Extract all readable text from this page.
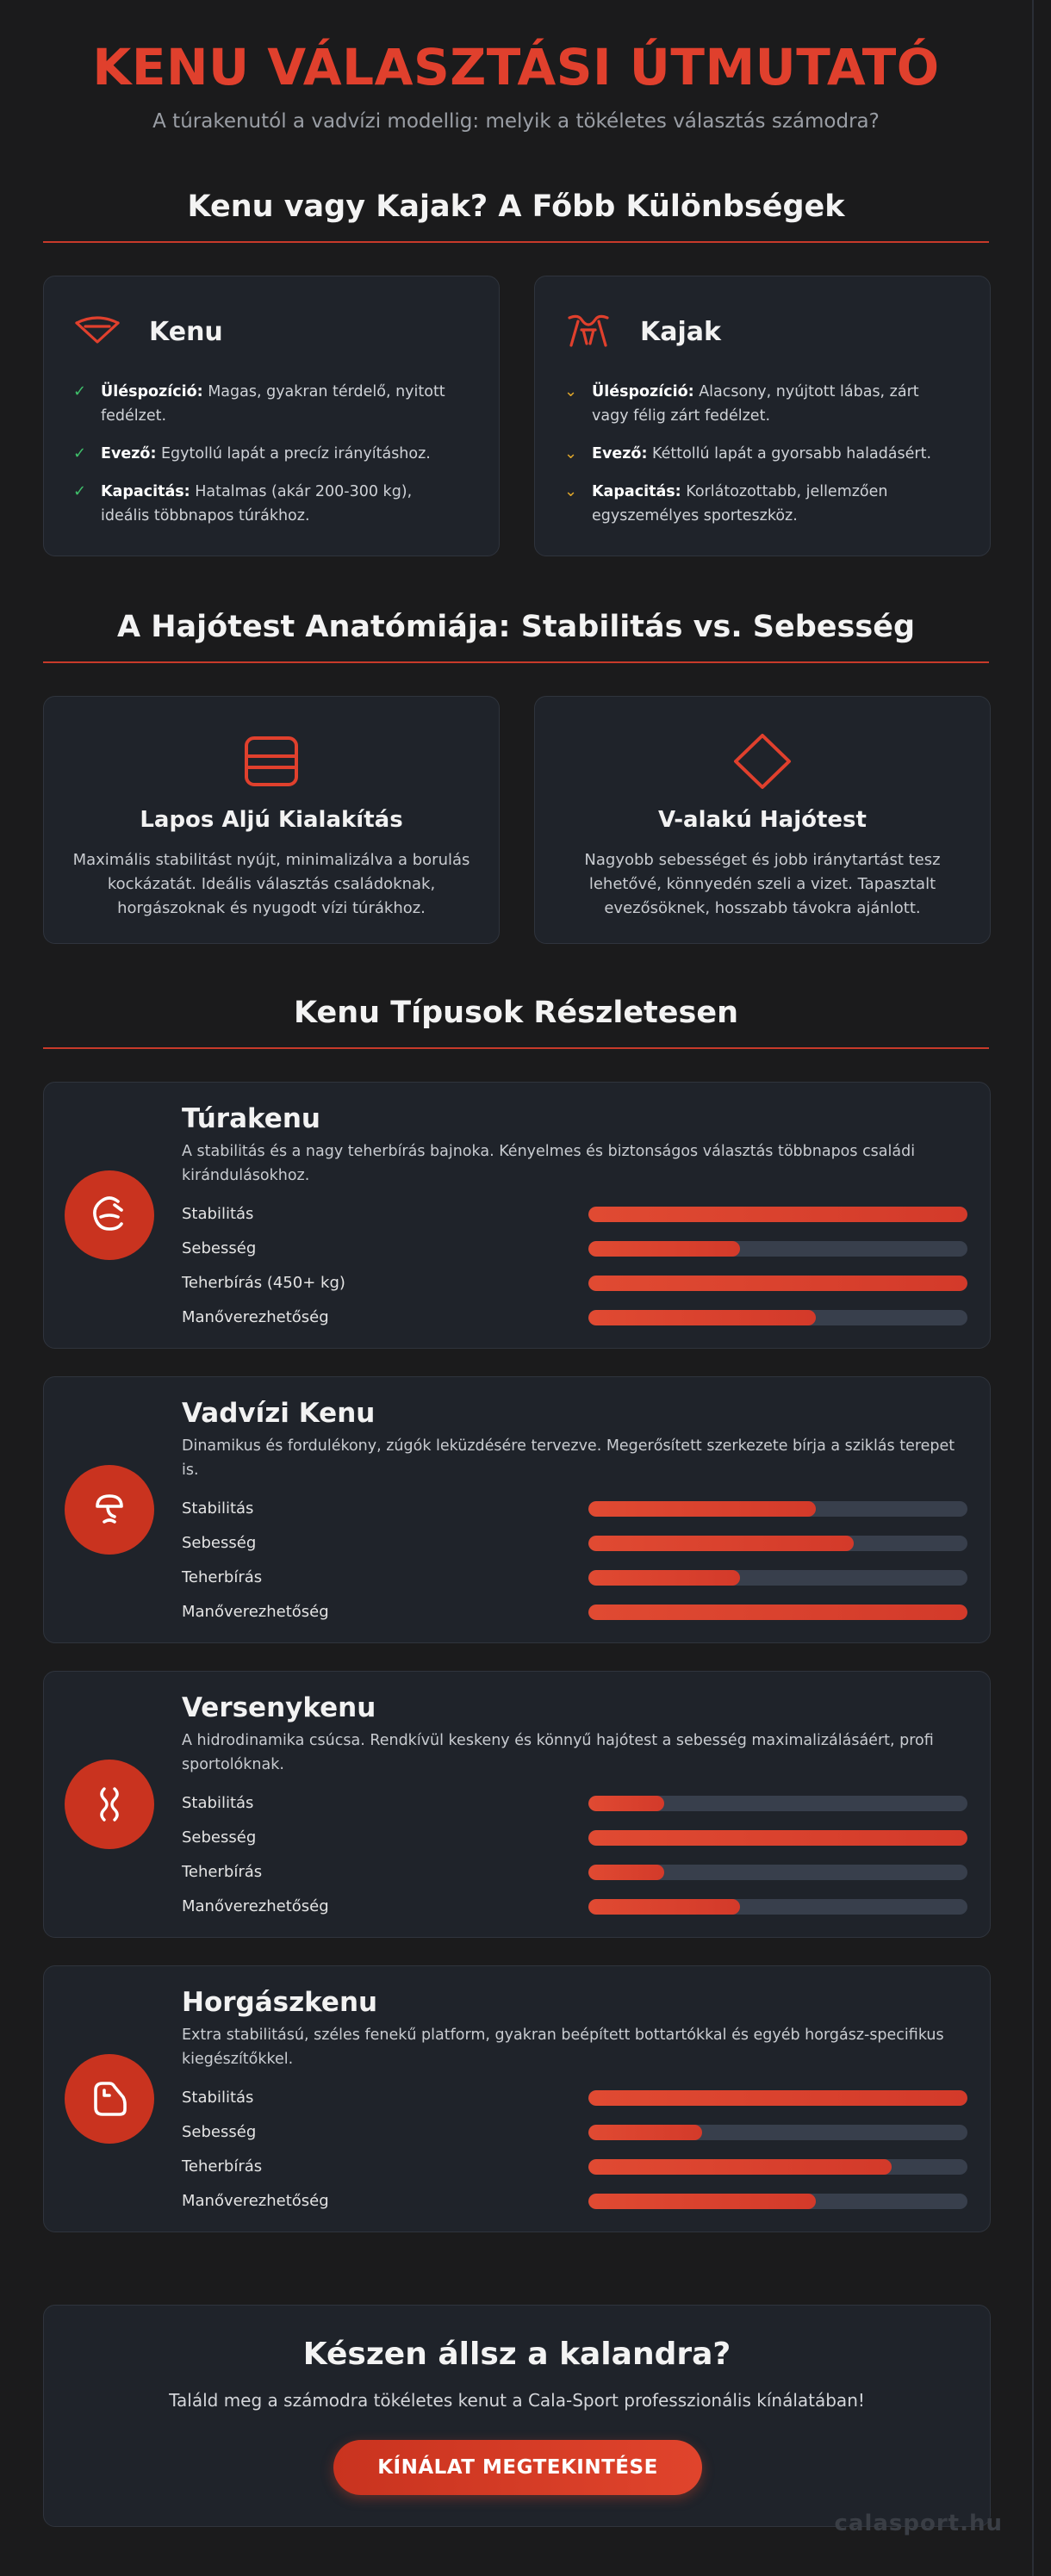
KENU VÁLASZTÁSI ÚTMUTATÓ
A túrakenutól a vadvízi modellig: melyik a tökéletes választás számodra?
Kenu vagy Kajak? A Főbb Különbségek
Kenu
✓ Üléspozíció: Magas, gyakran térdelő, nyitott fedélzet.
✓ Evező: Egytollú lapát a precíz irányításhoz.
✓ Kapacitás: Hatalmas (akár 200-300 kg), ideális többnapos túrákhoz.
Kajak
⌄ Üléspozíció: Alacsony, nyújtott lábas, zárt vagy félig zárt fedélzet.
⌄ Evező: Kéttollú lapát a gyorsabb haladásért.
⌄ Kapacitás: Korlátozottabb, jellemzően egyszemélyes sporteszköz.
A Hajótest Anatómiája: Stabilitás vs. Sebesség
Lapos Aljú Kialakítás
Maximális stabilitást nyújt, minimalizálva a borulás kockázatát. Ideális választás családoknak, horgászoknak és nyugodt vízi túrákhoz.
V-alakú Hajótest
Nagyobb sebességet és jobb iránytartást tesz lehetővé, könnyedén szeli a vizet. Tapasztalt evezősöknek, hosszabb távokra ajánlott.
Kenu Típusok Részletesen
Túrakenu
A stabilitás és a nagy teherbírás bajnoka. Kényelmes és biztonságos választás többnapos családi kirándulásokhoz.
Stabilitás
Sebesség
Teherbírás (450+ kg)
Manőverezhetőség
Vadvízi Kenu
Dinamikus és fordulékony, zúgók leküzdésére tervezve. Megerősített szerkezete bírja a sziklás terepet is.
Stabilitás
Sebesség
Teherbírás
Manőverezhetőség
Versenykenu
A hidrodinamika csúcsa. Rendkívül keskeny és könnyű hajótest a sebesség maximalizálásáért, profi sportolóknak.
Stabilitás
Sebesség
Teherbírás
Manőverezhetőség
Horgászkenu
Extra stabilitású, széles fenekű platform, gyakran beépített bottartókkal és egyéb horgász-specifikus kiegészítőkkel.
Stabilitás
Sebesség
Teherbírás
Manőverezhetőség
Készen állsz a kalandra?
Találd meg a számodra tökéletes kenut a Cala-Sport professzionális kínálatában!
KÍNÁLAT MEGTEKINTÉSE
calasport.hu
